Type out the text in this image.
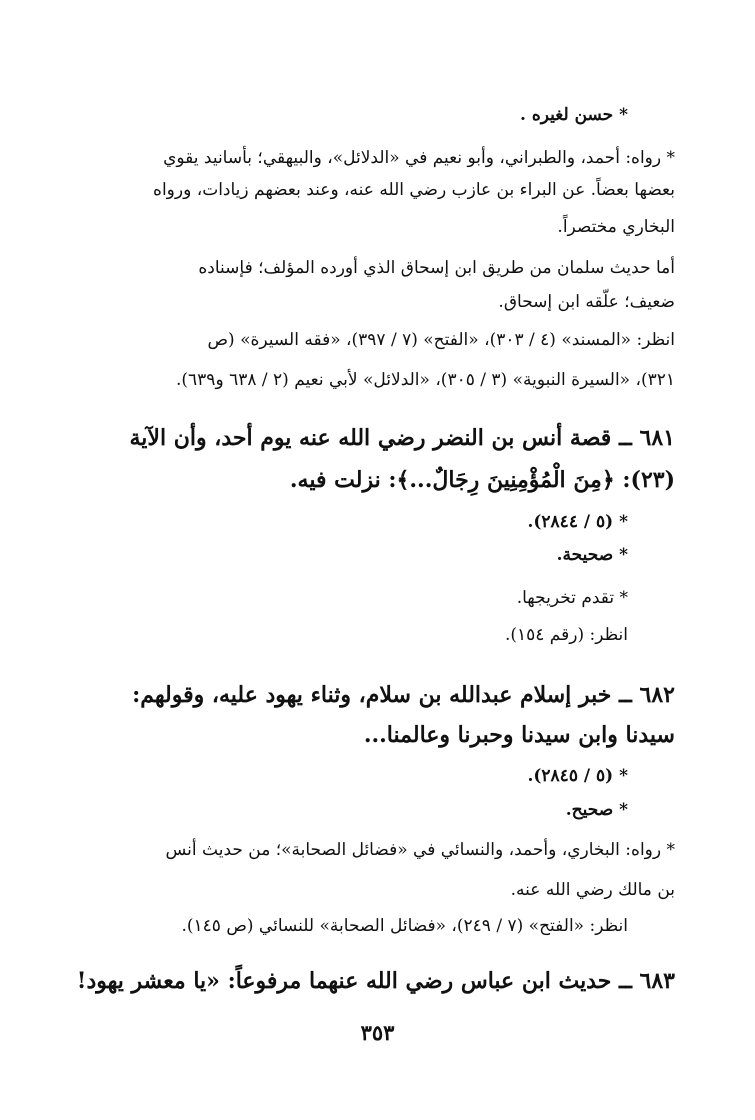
* حسن لغيره .
* رواه: أحمد، والطبراني، وأبو نعيم في «الدلائل»، والبيهقي؛ بأسانيد يقوي
بعضها بعضاً. عن البراء بن عازب رضي الله عنه، وعند بعضهم زيادات، ورواه
البخاري مختصراً.
أما حديث سلمان من طريق ابن إسحاق الذي أورده المؤلف؛ فإسناده
ضعيف؛ علّقه ابن إسحاق.
انظر: «المسند» (٤ / ٣٠٣)، «الفتح» (٧ / ٣٩٧)، «فقه السيرة» (ص
٣٢١)، «السيرة النبوية» (٣ / ٣٠٥)، «الدلائل» لأبي نعيم (٢ / ٦٣٨ و٦٣٩).
٦٨١ ــ قصة أنس بن النضر رضي الله عنه يوم أحد، وأن الآية
(٢٣): ﴿مِنَ الْمُؤْمِنِينَ رِجَالٌ...﴾: نزلت فيه.
* (٥ / ٢٨٤٤).
* صحيحة.
* تقدم تخريجها.
انظر: (رقم ١٥٤).
٦٨٢ ــ خبر إسلام عبدالله بن سلام، وثناء يهود عليه، وقولهم:
سيدنا وابن سيدنا وحبرنا وعالمنا...
* (٥ / ٢٨٤٥).
* صحيح.
* رواه: البخاري، وأحمد، والنسائي في «فضائل الصحابة»؛ من حديث أنس
بن مالك رضي الله عنه.
انظر: «الفتح» (٧ / ٢٤٩)، «فضائل الصحابة» للنسائي (ص ١٤٥).
٦٨٣ ــ حديث ابن عباس رضي الله عنهما مرفوعاً: «يا معشر يهود!
٣٥٣
